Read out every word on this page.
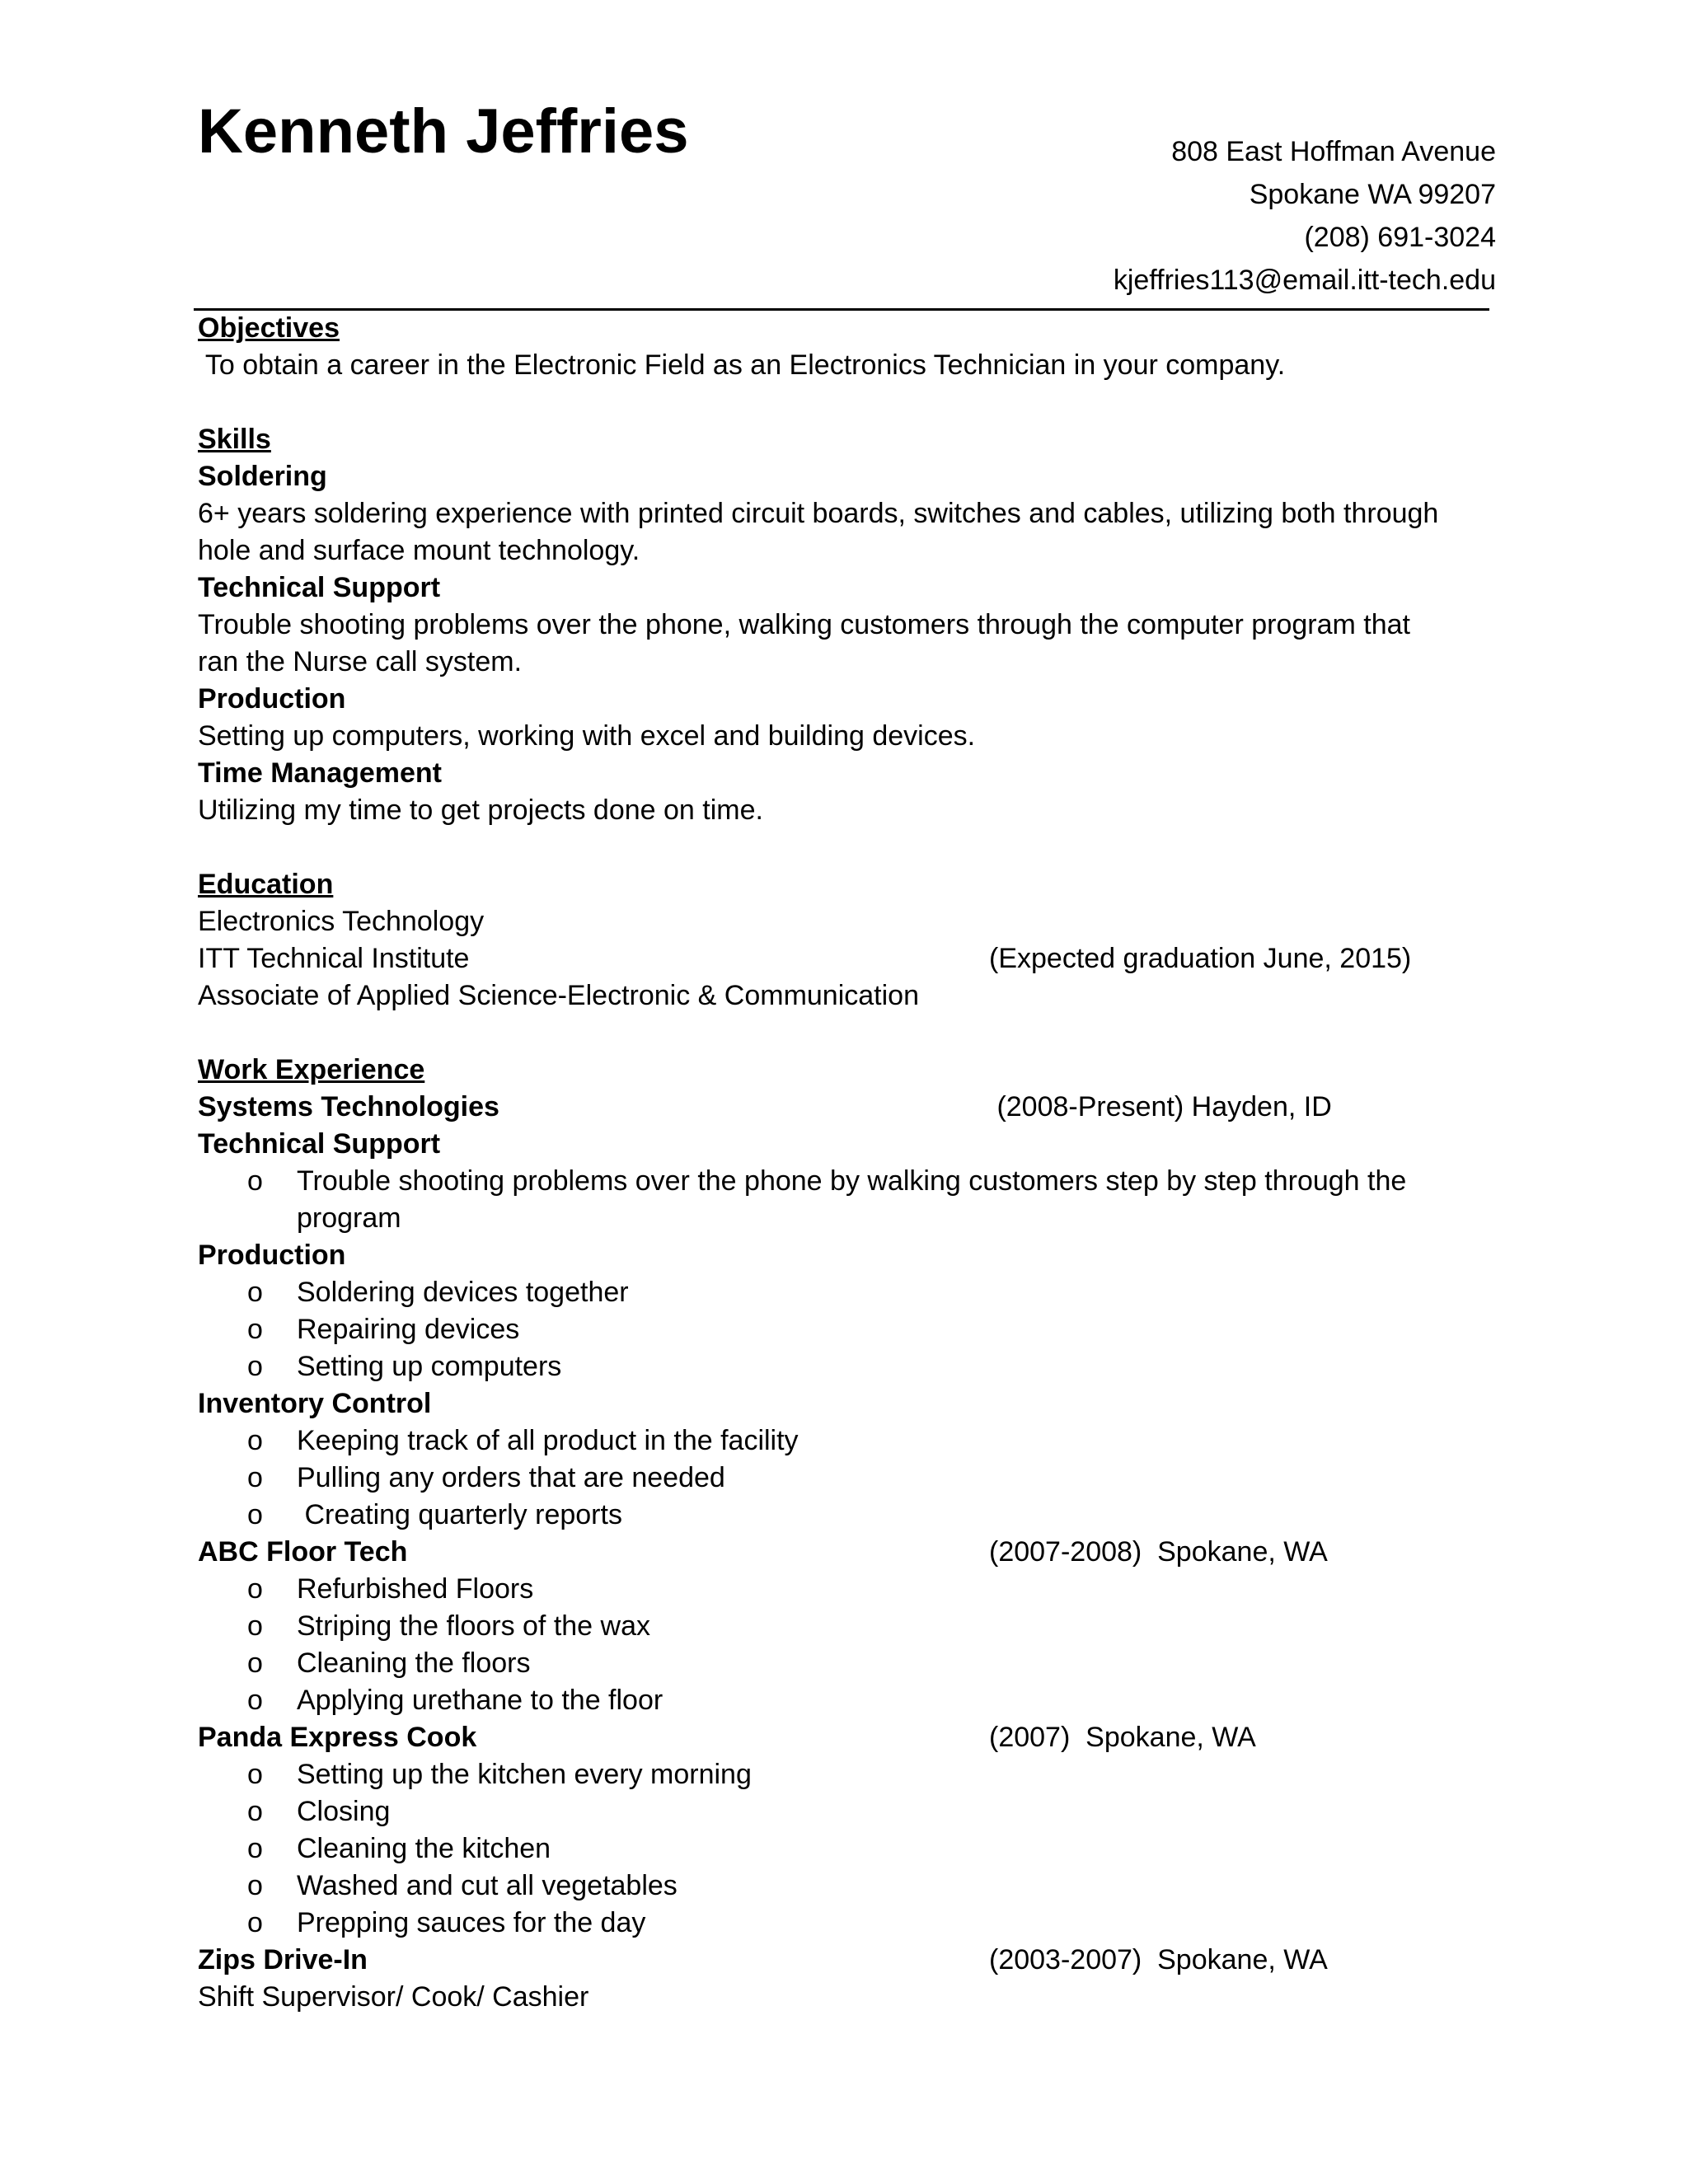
Kenneth Jeffries	808 East Hoffman Avenue
Spokane WA 99207
(208) 691-3024
kjeffries113@email.itt-tech.edu
Objectives
To obtain a career in the Electronic Field as an Electronics Technician in your company.
Skills
Soldering
6+ years soldering experience with printed circuit boards, switches and cables, utilizing both through hole and surface mount technology.
Technical Support
Trouble shooting problems over the phone, walking customers through the computer program that ran the Nurse call system.
Production
Setting up computers, working with excel and building devices.
Time Management
Utilizing my time to get projects done on time.
Education
Electronics Technology
ITT Technical Institute	(Expected graduation June, 2015)
Associate of Applied Science-Electronic & Communication
Work Experience
Systems Technologies	(2008-Present) Hayden, ID
Technical Support
o Trouble shooting problems over the phone by walking customers step by step through the program
Production
o Soldering devices together
o Repairing devices
o Setting up computers
Inventory Control
o Keeping track of all product in the facility
o Pulling any orders that are needed
o Creating quarterly reports
ABC Floor Tech	(2007-2008)  Spokane, WA
o Refurbished Floors
o Striping the floors of the wax
o Cleaning the floors
o Applying urethane to the floor
Panda Express Cook	(2007)  Spokane, WA
o Setting up the kitchen every morning
o Closing
o Cleaning the kitchen
o Washed and cut all vegetables
o Prepping sauces for the day
Zips Drive-In	(2003-2007)  Spokane, WA
Shift Supervisor/ Cook/ Cashier
